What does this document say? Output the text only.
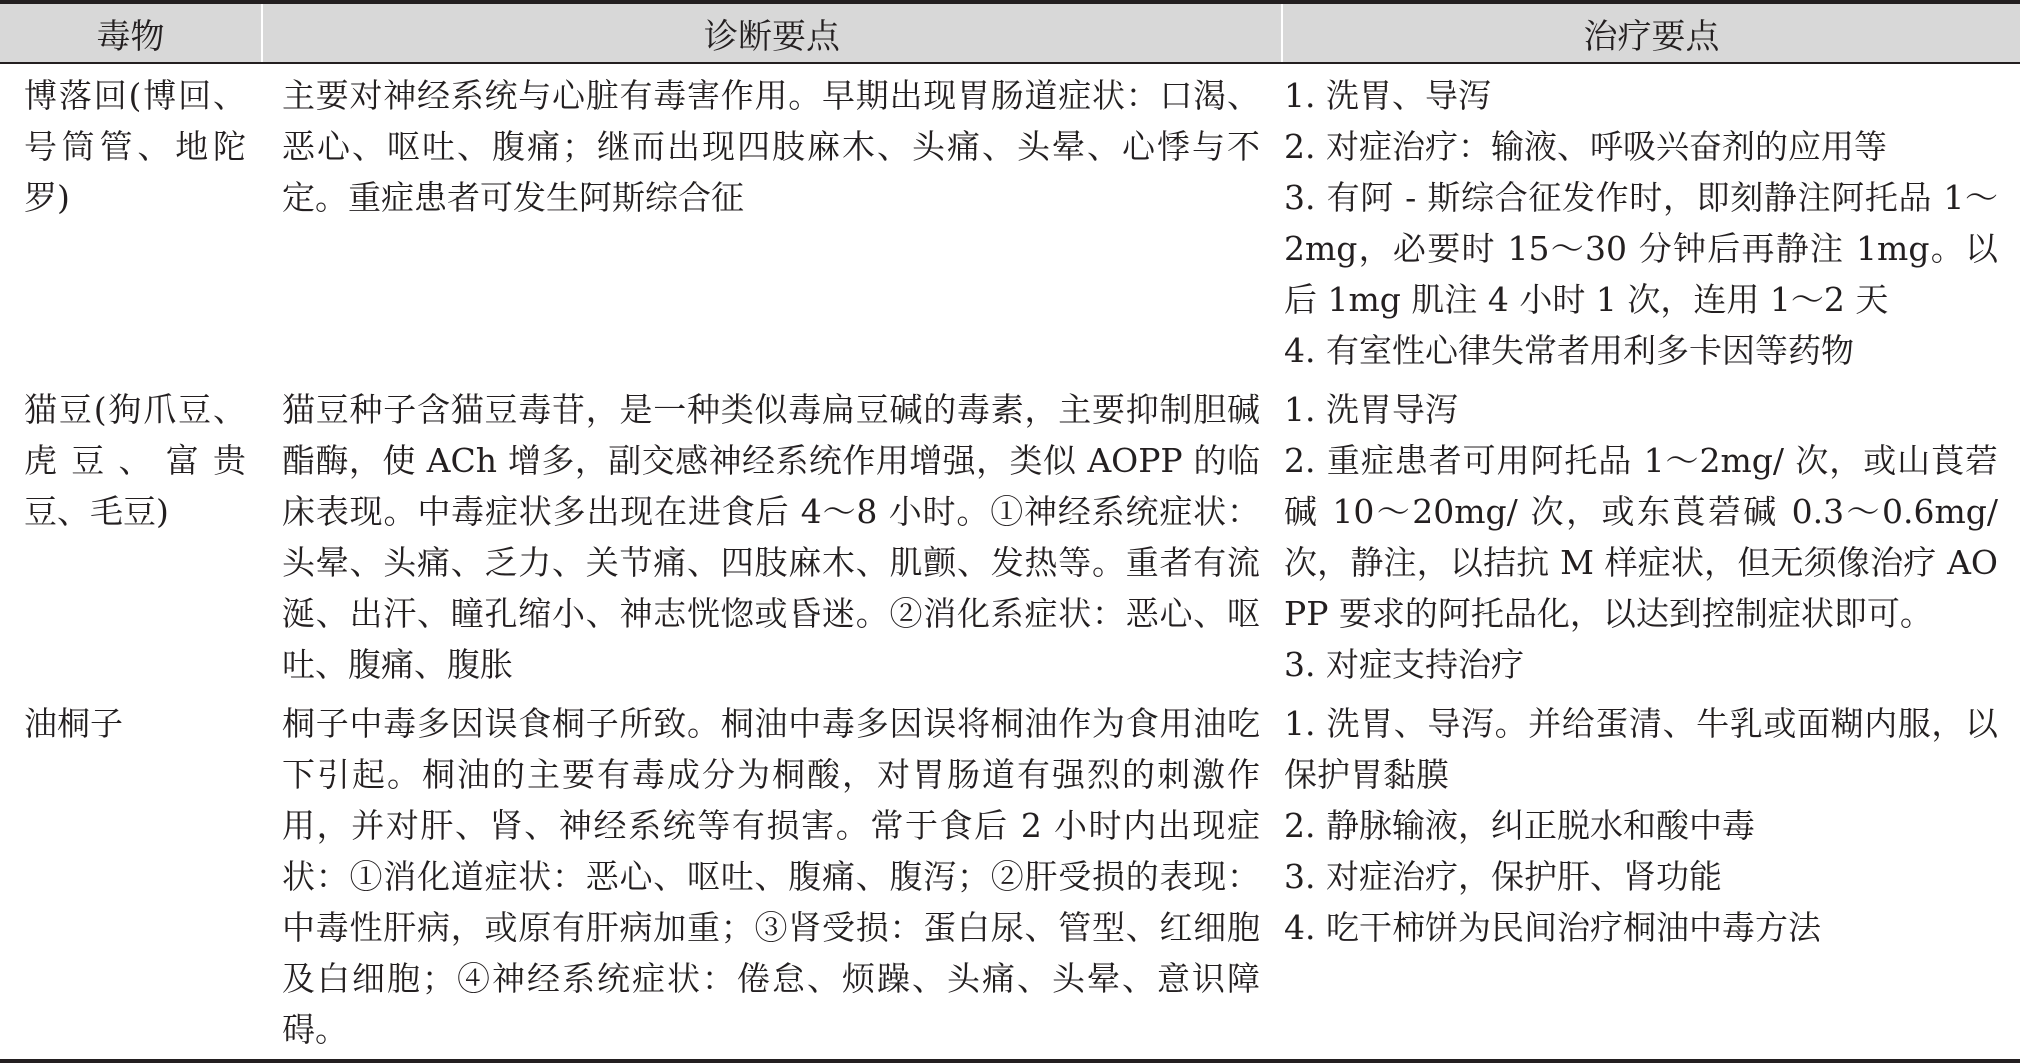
毒物	诊断要点	治疗要点
博落回(博回、号筒管、地陀罗)	主要对神经系统与心脏有毒害作用。早期出现胃肠道症状：口渴、恶心、呕吐、腹痛；继而出现四肢麻木、头痛、头晕、心悸与不定。重症患者可发生阿斯综合征	1. 洗胃、导泻
2. 对症治疗：输液、呼吸兴奋剂的应用等
3. 有阿 - 斯综合征发作时，即刻静注阿托品 1～2mg，必要时 15～30 分钟后再静注 1mg。以后 1mg 肌注 4 小时 1 次，连用 1～2 天
4. 有室性心律失常者用利多卡因等药物

猫豆(狗爪豆、虎豆、富贵豆、毛豆)	猫豆种子含猫豆毒苷，是一种类似毒扁豆碱的毒素，主要抑制胆碱酯酶，使 ACh 增多，副交感神经系统作用增强，类似 AOPP 的临床表现。中毒症状多出现在进食后 4～8 小时。①神经系统症状：头晕、头痛、乏力、关节痛、四肢麻木、肌颤、发热等。重者有流涎、出汗、瞳孔缩小、神志恍惚或昏迷。②消化系症状：恶心、呕吐、腹痛、腹胀	1. 洗胃导泻
2. 重症患者可用阿托品 1～2mg/ 次，或山莨菪碱 10～20mg/ 次，或东莨菪碱 0.3～0.6mg/ 次，静注，以拮抗 M 样症状，但无须像治疗 AOPP 要求的阿托品化，以达到控制症状即可。
3. 对症支持治疗

油桐子	桐子中毒多因误食桐子所致。桐油中毒多因误将桐油作为食用油吃下引起。桐油的主要有毒成分为桐酸，对胃肠道有强烈的刺激作用，并对肝、肾、神经系统等有损害。常于食后 2 小时内出现症状：①消化道症状：恶心、呕吐、腹痛、腹泻；②肝受损的表现：中毒性肝病，或原有肝病加重；③肾受损：蛋白尿、管型、红细胞及白细胞；④神经系统症状：倦怠、烦躁、头痛、头晕、意识障碍。	1. 洗胃、导泻。并给蛋清、牛乳或面糊内服，以保护胃黏膜
2. 静脉输液，纠正脱水和酸中毒
3. 对症治疗，保护肝、肾功能
4. 吃干柿饼为民间治疗桐油中毒方法
